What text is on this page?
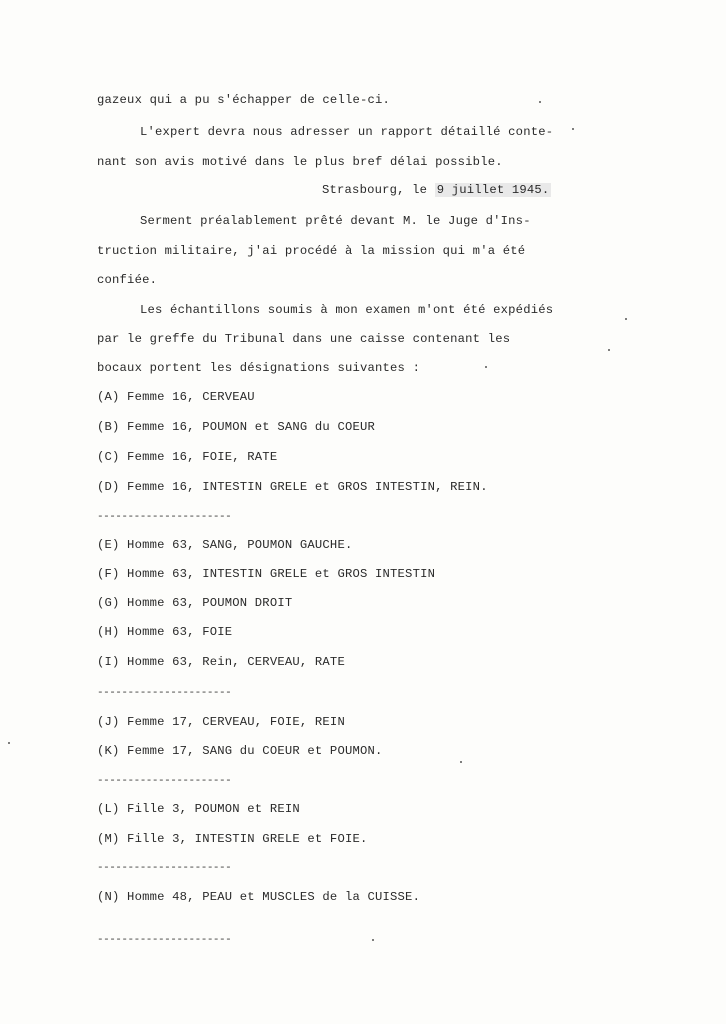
gazeux qui a pu s'échapper de celle-ci.
L'expert devra nous adresser un rapport détaillé conte-
nant son avis motivé dans le plus bref délai possible.
Strasbourg, le 9 juillet 1945.
Serment préalablement prêté devant M. le Juge d'Ins-
truction militaire, j'ai procédé à la mission qui m'a été
confiée.
Les échantillons soumis à mon examen m'ont été expédiés
par le greffe du Tribunal dans une caisse contenant les
bocaux portent les désignations suivantes :
(A) Femme 16, CERVEAU
(B) Femme 16, POUMON et SANG du COEUR
(C) Femme 16, FOIE, RATE
(D) Femme 16, INTESTIN GRELE et GROS INTESTIN, REIN.
----------------------
(E) Homme 63, SANG, POUMON GAUCHE.
(F) Homme 63, INTESTIN GRELE et GROS INTESTIN
(G) Homme 63, POUMON DROIT
(H) Homme 63, FOIE
(I) Homme 63, Rein, CERVEAU, RATE
----------------------
(J) Femme 17, CERVEAU, FOIE, REIN
(K) Femme 17, SANG du COEUR et POUMON.
----------------------
(L) Fille 3, POUMON et REIN
(M) Fille 3, INTESTIN GRELE et FOIE.
----------------------
(N) Homme 48, PEAU et MUSCLES de la CUISSE.
----------------------
